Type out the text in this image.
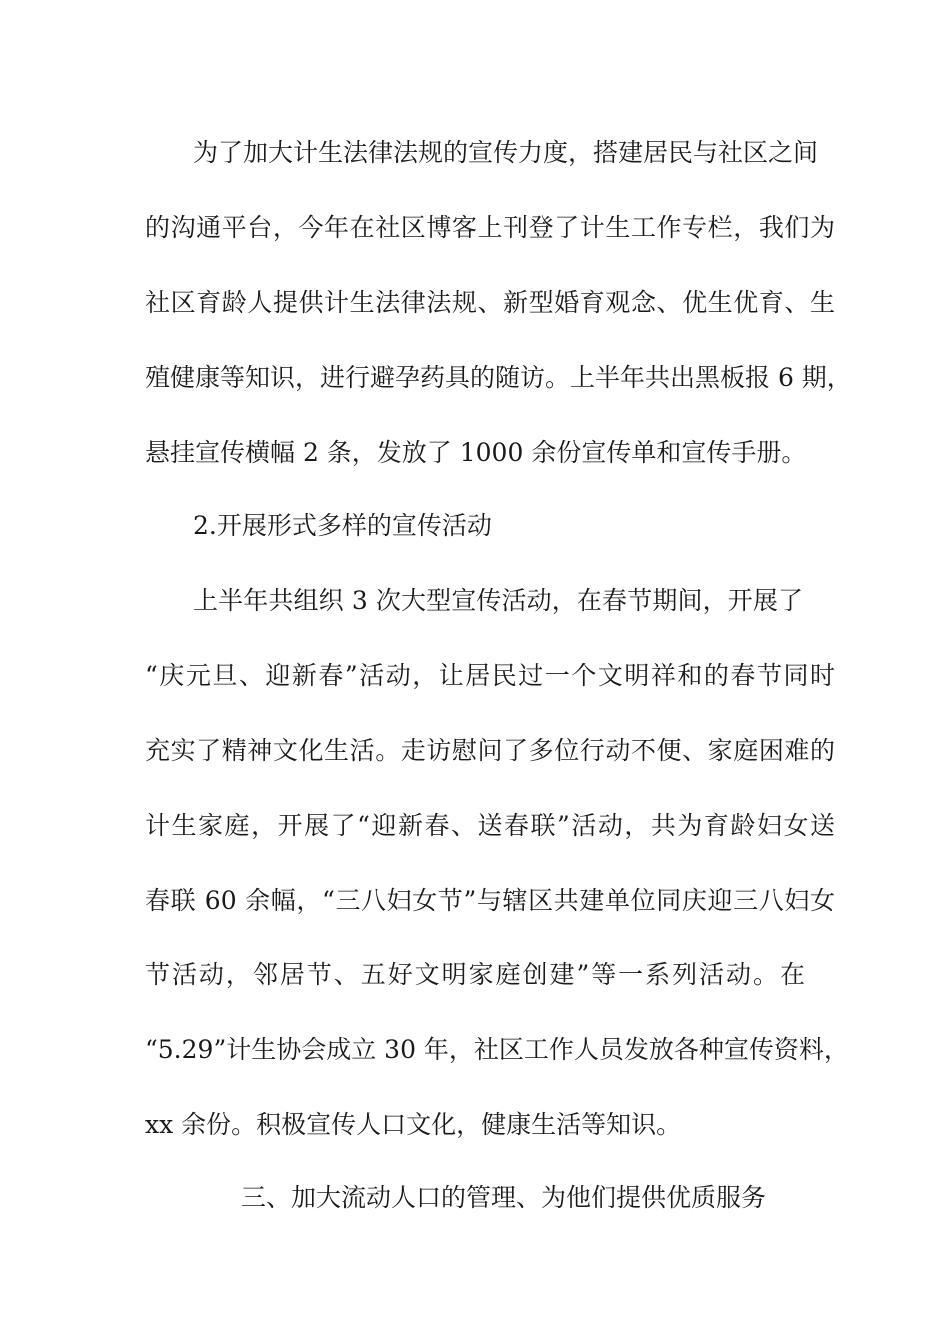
为了加大计生法律法规的宣传力度，搭建居民与社区之间
的沟通平台，今年在社区博客上刊登了计生工作专栏，我们为
社区育龄人提供计生法律法规、新型婚育观念、优生优育、生
殖健康等知识，进行避孕药具的随访。上半年共出黑板报 6 期，
悬挂宣传横幅 2 条，发放了 1000 余份宣传单和宣传手册。
2.开展形式多样的宣传活动
上半年共组织 3 次大型宣传活动，在春节期间，开展了
“庆元旦、迎新春”活动，让居民过一个文明祥和的春节同时
充实了精神文化生活。走访慰问了多位行动不便、家庭困难的
计生家庭，开展了“迎新春、送春联”活动，共为育龄妇女送
春联 60 余幅，“三八妇女节”与辖区共建单位同庆迎三八妇女
节活动，邻居节、五好文明家庭创建”等一系列活动。在
“5.29”计生协会成立 30 年，社区工作人员发放各种宣传资料，
xx 余份。积极宣传人口文化，健康生活等知识。
三、加大流动人口的管理、为他们提供优质服务
